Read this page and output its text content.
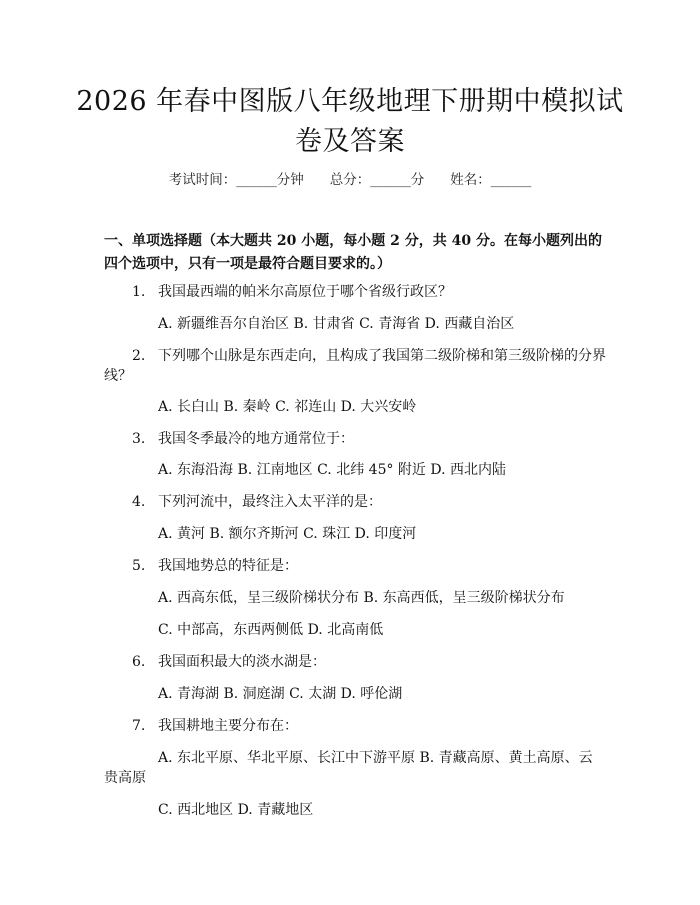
2026 年春中图版八年级地理下册期中模拟试
卷及答案
考试时间：______分钟 总分：______分 姓名：______
一、单项选择题（本大题共 20 小题，每小题 2 分，共 40 分。在每小题列出的四个选项中，只有一项是最符合题目要求的。）
1. 我国最西端的帕米尔高原位于哪个省级行政区？
A. 新疆维吾尔自治区 B. 甘肃省 C. 青海省 D. 西藏自治区
2. 下列哪个山脉是东西走向，且构成了我国第二级阶梯和第三级阶梯的分界
线？
A. 长白山 B. 秦岭 C. 祁连山 D. 大兴安岭
3. 我国冬季最冷的地方通常位于：
A. 东海沿海 B. 江南地区 C. 北纬 45° 附近 D. 西北内陆
4. 下列河流中，最终注入太平洋的是：
A. 黄河 B. 额尔齐斯河 C. 珠江 D. 印度河
5. 我国地势总的特征是：
A. 西高东低，呈三级阶梯状分布 B. 东高西低，呈三级阶梯状分布
C. 中部高，东西两侧低 D. 北高南低
6. 我国面积最大的淡水湖是：
A. 青海湖 B. 洞庭湖 C. 太湖 D. 呼伦湖
7. 我国耕地主要分布在：
A. 东北平原、华北平原、长江中下游平原 B. 青藏高原、黄土高原、云
贵高原
C. 西北地区 D. 青藏地区
